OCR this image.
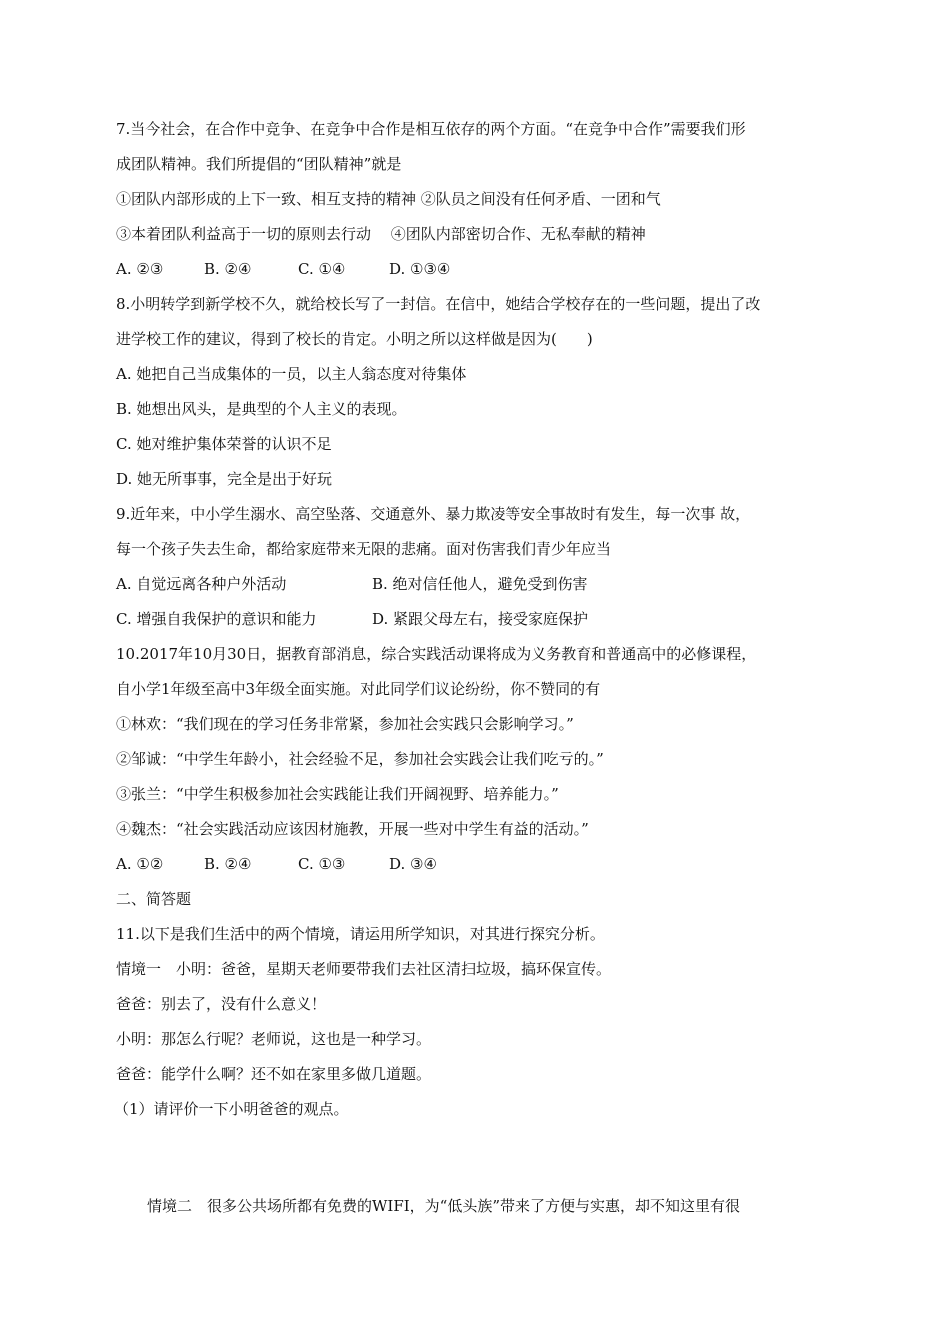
7.当今社会，在合作中竞争、在竞争中合作是相互依存的两个方面。“在竞争中合作”需要我们形
成团队精神。我们所提倡的“团队精神”就是
①团队内部形成的上下一致、相互支持的精神 ②队员之间没有任何矛盾、一团和气
③本着团队利益高于一切的原则去行动　 ④团队内部密切合作、无私奉献的精神
A. ②③	B. ②④	C. ①④	D. ①③④
8.小明转学到新学校不久，就给校长写了一封信。在信中，她结合学校存在的一些问题，提出了改
进学校工作的建议，得到了校长的肯定。小明之所以这样做是因为(　　)
A. 她把自己当成集体的一员，以主人翁态度对待集体
B. 她想出风头，是典型的个人主义的表现。
C. 她对维护集体荣誉的认识不足
D. 她无所事事，完全是出于好玩
9.近年来，中小学生溺水、高空坠落、交通意外、暴力欺凌等安全事故时有发生，每一次事 故，
每一个孩子失去生命，都给家庭带来无限的悲痛。面对伤害我们青少年应当
A. 自觉远离各种户外活动	B. 绝对信任他人，避免受到伤害
C. 增强自我保护的意识和能力	D. 紧跟父母左右，接受家庭保护
10.2017年10月30日，据教育部消息，综合实践活动课将成为义务教育和普通高中的必修课程，
自小学1年级至高中3年级全面实施。对此同学们议论纷纷，你不赞同的有
①林欢：“我们现在的学习任务非常紧，参加社会实践只会影响学习。”
②邹诚：“中学生年龄小，社会经验不足，参加社会实践会让我们吃亏的。”
③张兰：“中学生积极参加社会实践能让我们开阔视野、培养能力。”
④魏杰：“社会实践活动应该因材施教，开展一些对中学生有益的活动。”
A. ①②	B. ②④	C. ①③	D. ③④
二、简答题
11.以下是我们生活中的两个情境，请运用所学知识，对其进行探究分析。
情境一　小明：爸爸，星期天老师要带我们去社区清扫垃圾，搞环保宣传。
爸爸：别去了，没有什么意义！
小明：那怎么行呢？老师说，这也是一种学习。
爸爸：能学什么啊？还不如在家里多做几道题。
（1）请评价一下小明爸爸的观点。
情境二　很多公共场所都有免费的WIFI，为“低头族”带来了方便与实惠，却不知这里有很
